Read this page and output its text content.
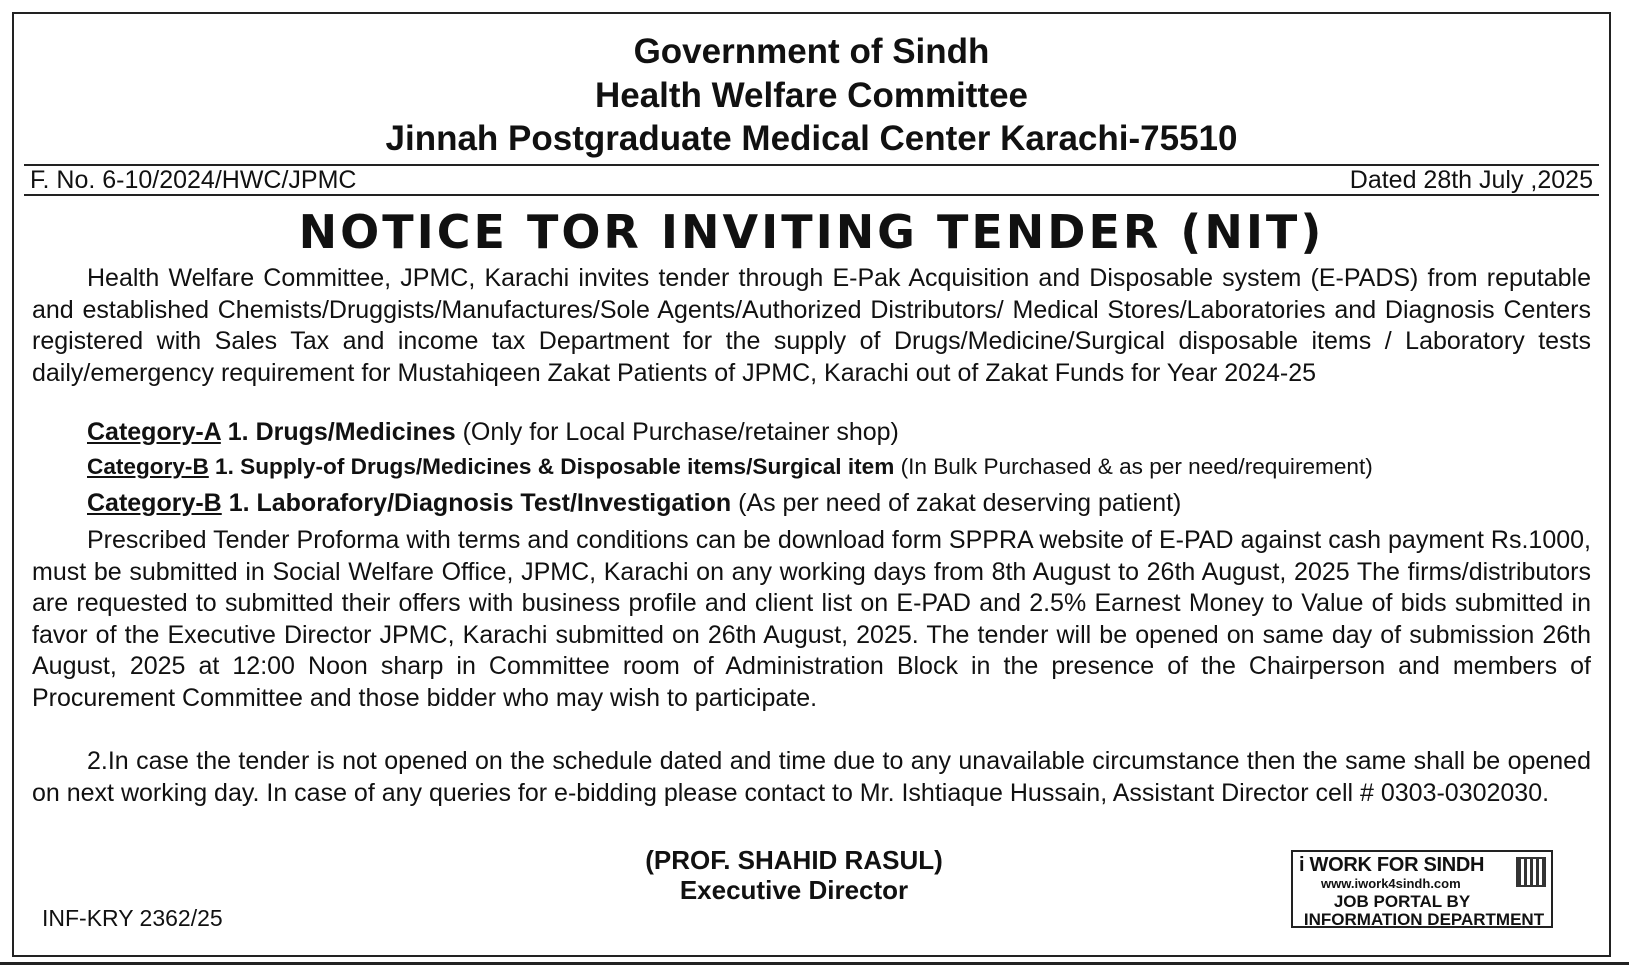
Government of Sindh
Health Welfare Committee
Jinnah Postgraduate Medical Center Karachi-75510
F. No. 6-10/2024/HWC/JPMC	Dated 28th July ,2025
NOTICE TOR INVITING TENDER (NIT)
Health Welfare Committee, JPMC, Karachi invites tender through E-Pak Acquisition and Disposable system (E-PADS) from reputable and established Chemists/Druggists/Manufactures/Sole Agents/Authorized Distributors/ Medical Stores/Laboratories and Diagnosis Centers registered with Sales Tax and income tax Department for the supply of Drugs/Medicine/Surgical disposable items / Laboratory tests daily/emergency requirement for Mustahiqeen Zakat Patients of JPMC, Karachi out of Zakat Funds for Year 2024-25
Category-A 1. Drugs/Medicines (Only for Local Purchase/retainer shop)
Category-B 1. Supply-of Drugs/Medicines & Disposable items/Surgical item (In Bulk Purchased & as per need/requirement)
Category-B 1. Laborafory/Diagnosis Test/Investigation (As per need of zakat deserving patient)
Prescribed Tender Proforma with terms and conditions can be download form SPPRA website of E-PAD against cash payment Rs.1000, must be submitted in Social Welfare Office, JPMC, Karachi on any working days from 8th August to 26th August, 2025 The firms/distributors are requested to submitted their offers with business profile and client list on E-PAD and 2.5% Earnest Money to Value of bids submitted in favor of the Executive Director JPMC, Karachi submitted on 26th August, 2025. The tender will be opened on same day of submission 26th August, 2025 at 12:00 Noon sharp in Committee room of Administration Block in the presence of the Chairperson and members of Procurement Committee and those bidder who may wish to participate.
2.In case the tender is not opened on the schedule dated and time due to any unavailable circumstance then the same shall be opened on next working day. In case of any queries for e-bidding please contact to Mr. Ishtiaque Hussain, Assistant Director cell # 0303-0302030.
(PROF. SHAHID RASUL)
Executive Director
INF-KRY 2362/25
i WORK FOR SINDH
www.iwork4sindh.com
JOB PORTAL BY
INFORMATION DEPARTMENT
